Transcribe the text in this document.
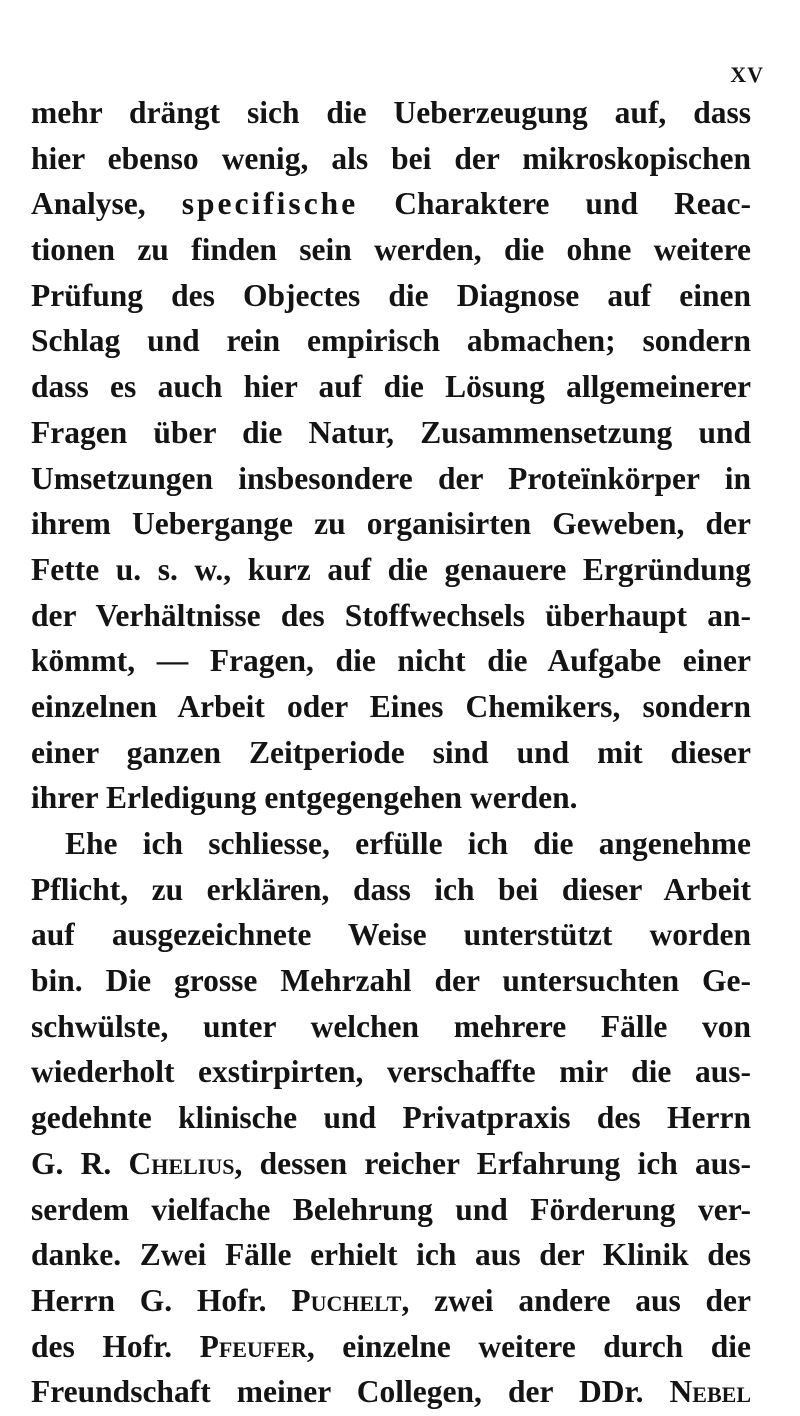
XV
mehr drängt sich die Ueberzeugung auf, dass
hier ebenso wenig, als bei der mikroskopischen
Analyse, specifische Charaktere und Reac-
tionen zu finden sein werden, die ohne weitere
Prüfung des Objectes die Diagnose auf einen
Schlag und rein empirisch abmachen; sondern
dass es auch hier auf die Lösung allgemeinerer
Fragen über die Natur, Zusammensetzung und
Umsetzungen insbesondere der Proteïnkörper in
ihrem Uebergange zu organisirten Geweben, der
Fette u. s. w., kurz auf die genauere Ergründung
der Verhältnisse des Stoffwechsels überhaupt an-
kömmt, — Fragen, die nicht die Aufgabe einer
einzelnen Arbeit oder Eines Chemikers, sondern
einer ganzen Zeitperiode sind und mit dieser
ihrer Erledigung entgegengehen werden.
Ehe ich schliesse, erfülle ich die angenehme
Pflicht, zu erklären, dass ich bei dieser Arbeit
auf ausgezeichnete Weise unterstützt worden
bin. Die grosse Mehrzahl der untersuchten Ge-
schwülste, unter welchen mehrere Fälle von
wiederholt exstirpirten, verschaffte mir die aus-
gedehnte klinische und Privatpraxis des Herrn
G. R. Chelius, dessen reicher Erfahrung ich aus-
serdem vielfache Belehrung und Förderung ver-
danke. Zwei Fälle erhielt ich aus der Klinik des
Herrn G. Hofr. Puchelt, zwei andere aus der
des Hofr. Pfeufer, einzelne weitere durch die
Freundschaft meiner Collegen, der DDr. Nebel
